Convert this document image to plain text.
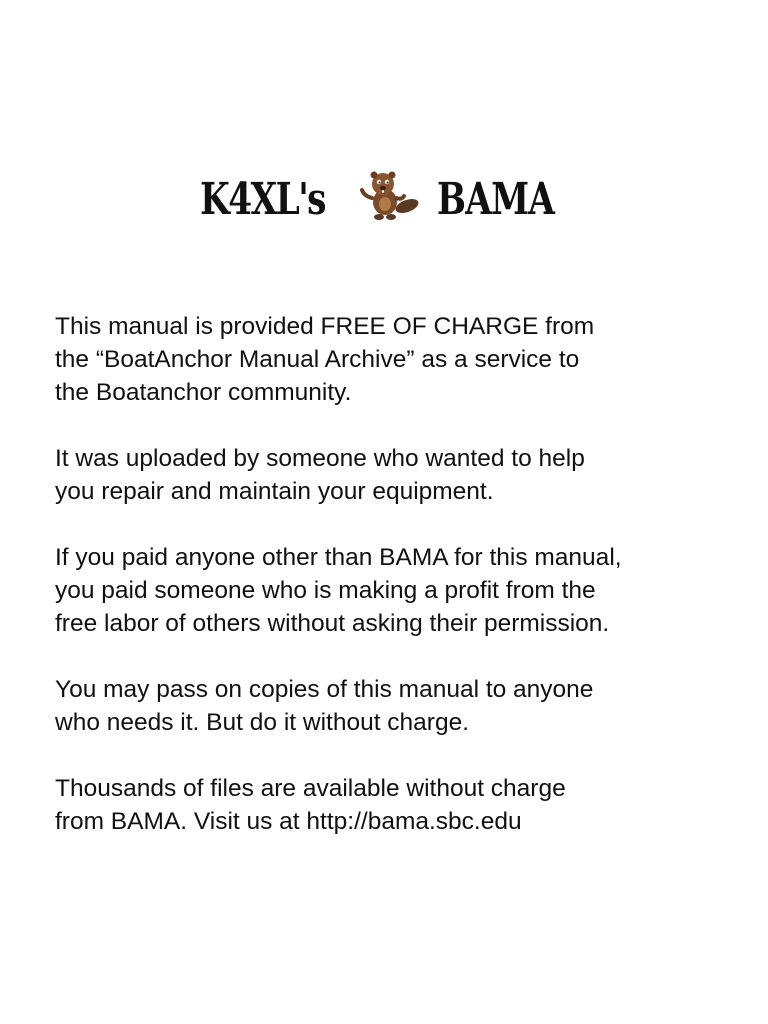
K4XL's	BAMA

This manual is provided FREE OF CHARGE from
the “BoatAnchor Manual Archive” as a service to
the Boatanchor community.

It was uploaded by someone who wanted to help
you repair and maintain your equipment.

If you paid anyone other than BAMA for this manual,
you paid someone who is making a profit from the
free labor of others without asking their permission.

You may pass on copies of this manual to anyone
who needs it. But do it without charge.

Thousands of files are available without charge
from BAMA. Visit us at http://bama.sbc.edu
